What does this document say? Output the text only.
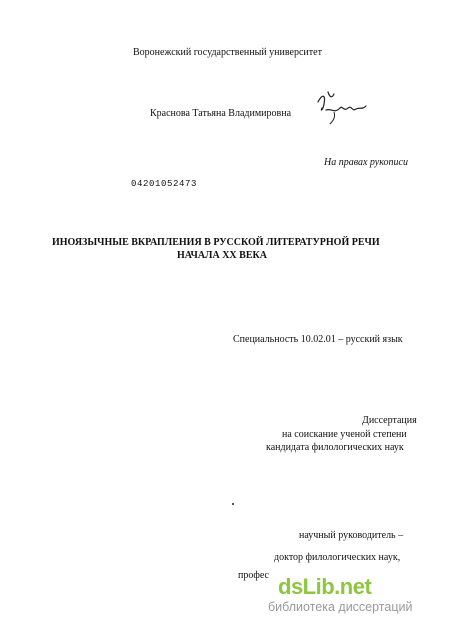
Воронежский государственный университет
Краснова Татьяна Владимировна
На правах рукописи
04201052473
ИНОЯЗЫЧНЫЕ ВКРАПЛЕНИЯ В РУССКОЙ ЛИТЕРАТУРНОЙ РЕЧИ
НАЧАЛА XX ВЕКА
Специальность 10.02.01 – русский язык
Диссертация
на соискание ученой степени
кандидата филологических наук
научный руководитель –
доктор филологических наук,
профес dsLib.net
библиотека диссертаций
